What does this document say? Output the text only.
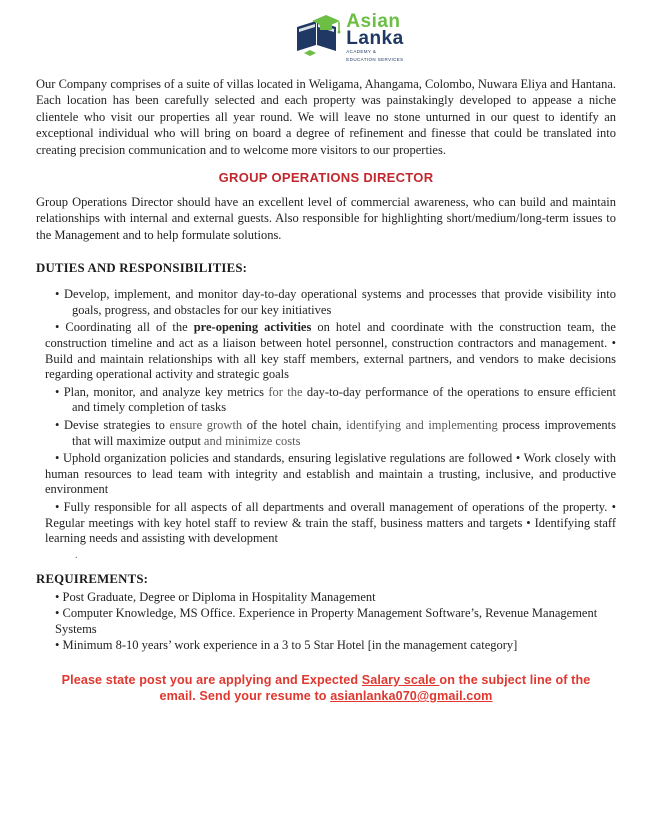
Asian
Lanka
ACADEMY &
EDUCATION SERVICES

Our Company comprises of a suite of villas located in Weligama, Ahangama, Colombo, Nuwara Eliya and Hantana. Each location has been carefully selected and each property was painstakingly developed to appease a niche clientele who visit our properties all year round. We will leave no stone unturned in our quest to identify an exceptional individual who will bring on board a degree of refinement and finesse that could be translated into creating precision communication and to welcome more visitors to our properties.

GROUP OPERATIONS DIRECTOR

Group Operations Director should have an excellent level of commercial awareness, who can build and maintain relationships with internal and external guests. Also responsible for highlighting short/medium/long-term issues to the Management and to help formulate solutions.

DUTIES AND RESPONSIBILITIES:
• Develop, implement, and monitor day-to-day operational systems and processes that provide visibility into goals, progress, and obstacles for our key initiatives
• Coordinating all of the pre-opening activities on hotel and coordinate with the construction team, the construction timeline and act as a liaison between hotel personnel, construction contractors and management. • Build and maintain relationships with all key staff members, external partners, and vendors to make decisions regarding operational activity and strategic goals
• Plan, monitor, and analyze key metrics for the day-to-day performance of the operations to ensure efficient and timely completion of tasks
• Devise strategies to ensure growth of the hotel chain, identifying and implementing process improvements that will maximize output and minimize costs
• Uphold organization policies and standards, ensuring legislative regulations are followed • Work closely with human resources to lead team with integrity and establish and maintain a trusting, inclusive, and productive environment
• Fully responsible for all aspects of all departments and overall management of operations of the property. • Regular meetings with key hotel staff to review & train the staff, business matters and targets • Identifying staff learning needs and assisting with development
.
REQUIREMENTS:
• Post Graduate, Degree or Diploma in Hospitality Management
• Computer Knowledge, MS Office. Experience in Property Management Software’s, Revenue Management Systems
• Minimum 8-10 years’ work experience in a 3 to 5 Star Hotel [in the management category]

Please state post you are applying and Expected Salary scale on the subject line of the email. Send your resume to asianlanka070@gmail.com
